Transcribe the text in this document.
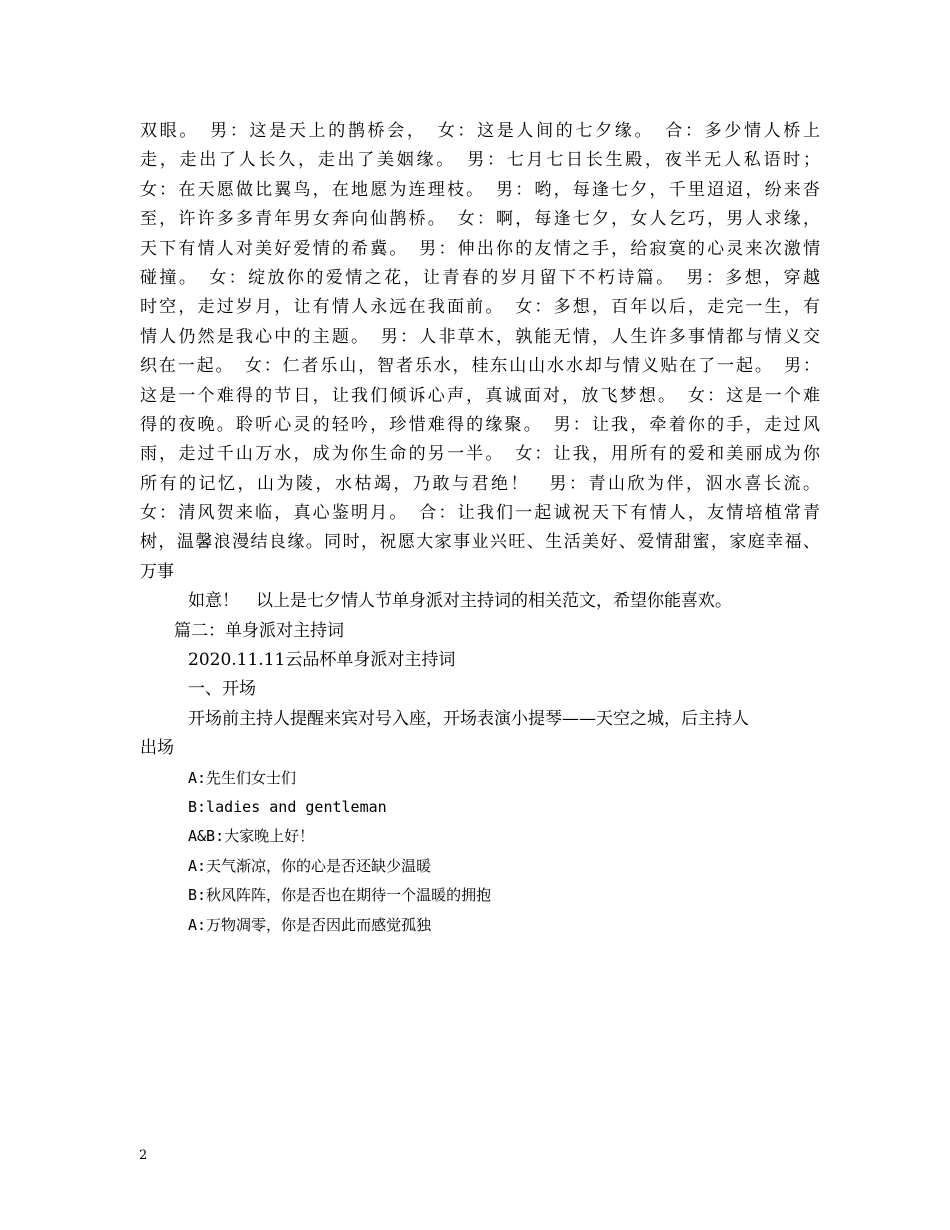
双眼。　男：这是天上的鹊桥会，　女：这是人间的七夕缘。　合：多少情人桥上
走，走出了人长久，走出了美姻缘。　男：七月七日长生殿，夜半无人私语时；
女：在天愿做比翼鸟，在地愿为连理枝。　男：哟，每逢七夕，千里迢迢，纷来沓
至，许许多多青年男女奔向仙鹊桥。　女：啊，每逢七夕，女人乞巧，男人求缘，
天下有情人对美好爱情的希冀。　男：伸出你的友情之手，给寂寞的心灵来次激情
碰撞。　女：绽放你的爱情之花，让青春的岁月留下不朽诗篇。　男：多想，穿越
时空，走过岁月，让有情人永远在我面前。　女：多想，百年以后，走完一生，有
情人仍然是我心中的主题。　男：人非草木，孰能无情，人生许多事情都与情义交
织在一起。　女：仁者乐山，智者乐水，桂东山山水水却与情义贴在了一起。　男：
这是一个难得的节日，让我们倾诉心声，真诚面对，放飞梦想。　女：这是一个难
得的夜晚。聆听心灵的轻吟，珍惜难得的缘聚。　男：让我，牵着你的手，走过风
雨，走过千山万水，成为你生命的另一半。　女：让我，用所有的爱和美丽成为你
所有的记忆，山为陵，水枯竭，乃敢与君绝！　男：青山欣为伴，泅水喜长流。
女：清风贺来临，真心鉴明月。　合：让我们一起诚祝天下有情人，友情培植常青
树，温馨浪漫结良缘。同时，祝愿大家事业兴旺、生活美好、爱情甜蜜，家庭幸福、
万事
如意！　以上是七夕情人节单身派对主持词的相关范文，希望你能喜欢。
篇二：单身派对主持词
2020.11.11云品杯单身派对主持词
一、开场
开场前主持人提醒来宾对号入座，开场表演小提琴——天空之城，后主持人
出场
A:先生们女士们
B:ladies and gentleman
A&B:大家晚上好！
A:天气渐凉，你的心是否还缺少温暖
B:秋风阵阵，你是否也在期待一个温暖的拥抱
A:万物凋零，你是否因此而感觉孤独
2
